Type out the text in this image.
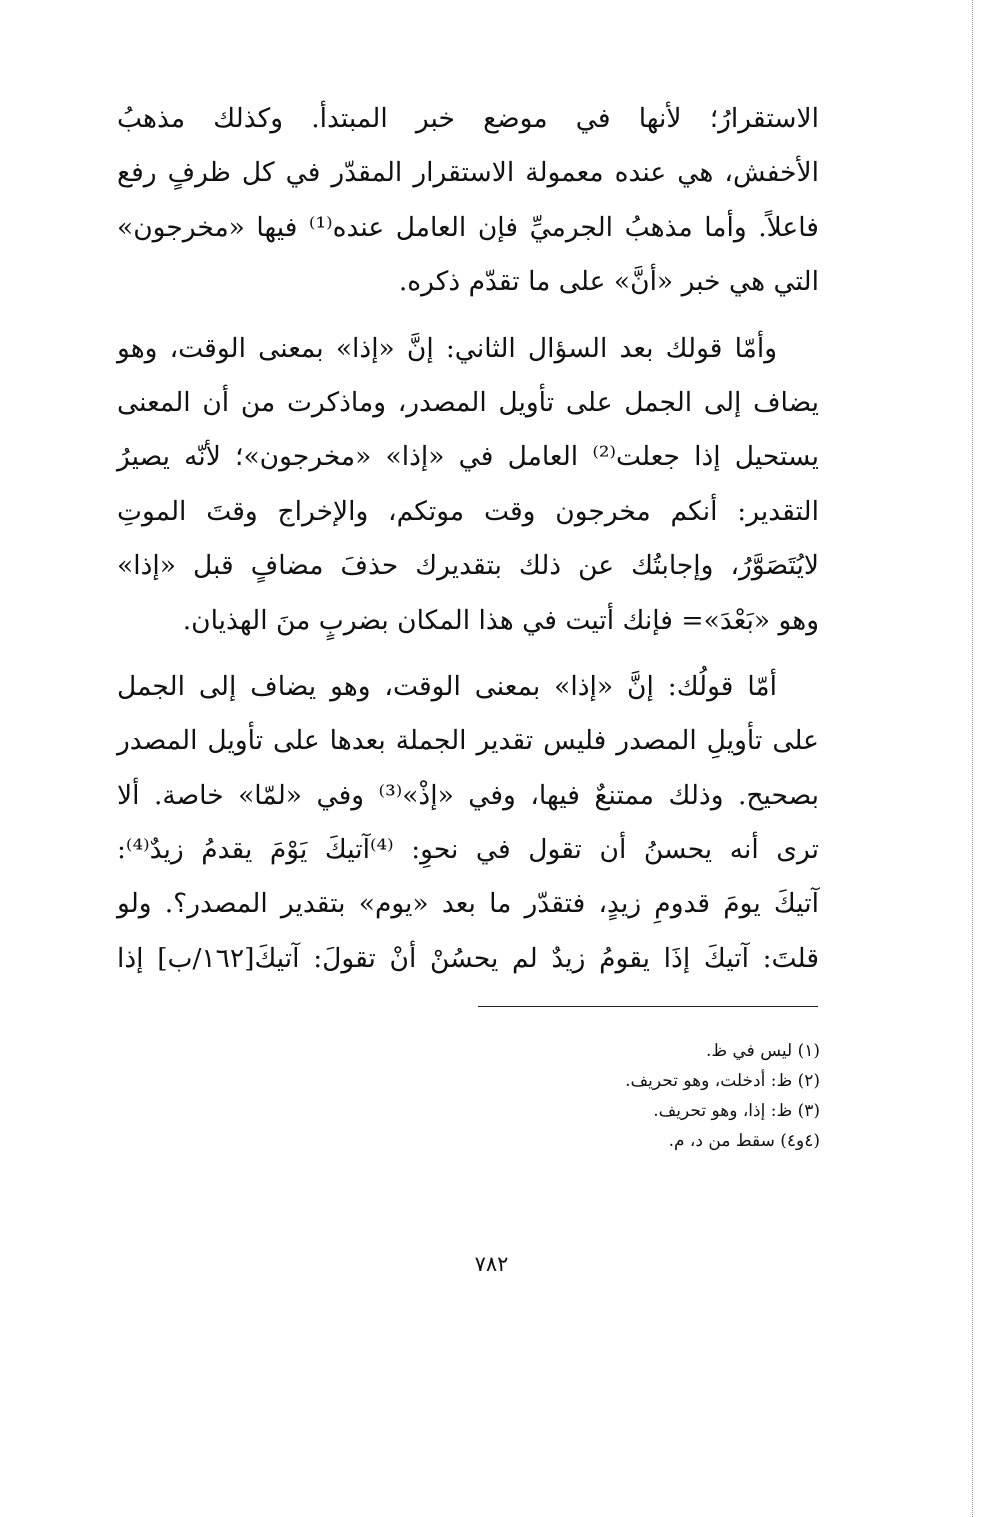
الاستقرارُ؛ لأنها في موضع خبر المبتدأ. وكذلك مذهبُ
الأخفش، هي عنده معمولة الاستقرار المقدّر في كل ظرفٍ رفع
فاعلاً. وأما مذهبُ الجرميِّ فإن العامل عنده⁽¹⁾ فيها «مخرجون»
التي هي خبر «أنَّ» على ما تقدّم ذكره.

وأمّا قولك بعد السؤال الثاني: إنَّ «إذا» بمعنى الوقت، وهو
يضاف إلى الجمل على تأويل المصدر، وماذكرت من أن المعنى
يستحيل إذا جعلت⁽²⁾ العامل في «إذا» «مخرجون»؛ لأنّه يصيرُ
التقدير: أنكم مخرجون وقت موتكم، والإخراج وقتَ الموتِ
لايُتَصَوَّرُ، وإجابتُك عن ذلك بتقديرك حذفَ مضافٍ قبل «إذا»
وهو «بَعْدَ»= فإنك أتيت في هذا المكان بضربٍ منَ الهذيان.

أمّا قولُك: إنَّ «إذا» بمعنى الوقت، وهو يضاف إلى الجمل
على تأويلِ المصدر فليس تقدير الجملة بعدها على تأويل المصدر
بصحيح. وذلك ممتنعٌ فيها، وفي «إذْ»⁽³⁾ وفي «لمّا» خاصة. ألا
ترى أنه يحسنُ أن تقول في نحوِ: ⁽⁴⁾آتيكَ يَوْمَ يقدمُ زيدٌ⁽⁴⁾:
آتيكَ يومَ قدومِ زيدٍ، فتقدّر ما بعد «يوم» بتقدير المصدر؟. ولو
قلتَ: آتيكَ إذَا يقومُ زيدٌ لم يحسُنْ أنْ تقولَ: آتيكَ[١٦٢/ب] إذا

(١) ليس في ظ.
(٢) ظ: أدخلت، وهو تحريف.
(٣) ظ: إذا، وهو تحريف.
(٤و٤) سقط من د، م.
٧٨٢
